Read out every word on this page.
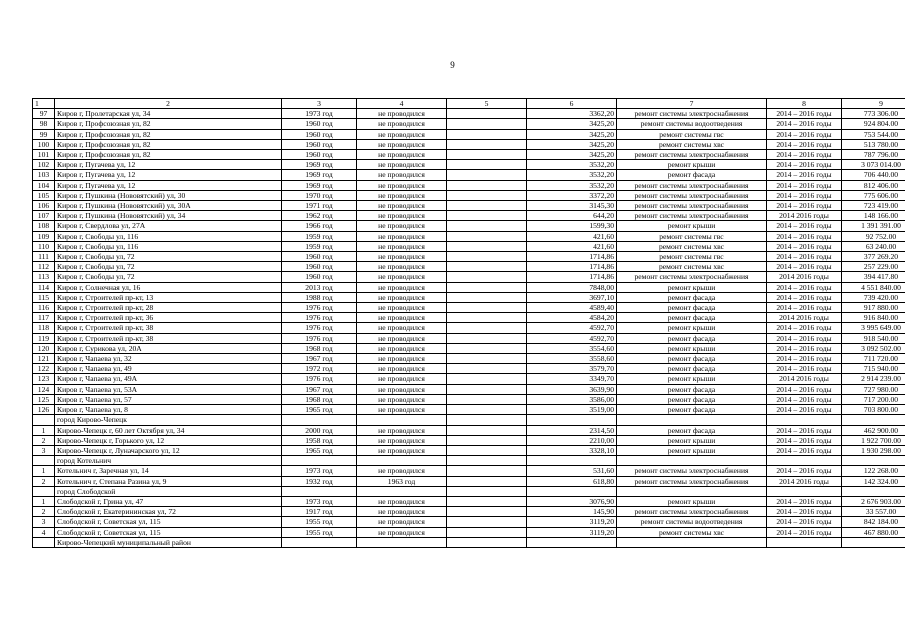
9
1	2	3	4	5	6	7	8	9
97	Киров г, Пролетарская ул, 34	1973 год	не проводился		3362,20	ремонт системы электроснабжения	2014 – 2016 годы	773 306.00
98	Киров г, Профсоюзная ул, 82	1960 год	не проводился		3425,20	ремонт системы водоотведения	2014 – 2016 годы	924 804.00
99	Киров г, Профсоюзная ул, 82	1960 год	не проводился		3425,20	ремонт системы гвс	2014 – 2016 годы	753 544.00
100	Киров г, Профсоюзная ул, 82	1960 год	не проводился		3425,20	ремонт системы хвс	2014 – 2016 годы	513 780.00
101	Киров г, Профсоюзная ул, 82	1960 год	не проводился		3425,20	ремонт системы электроснабжения	2014 – 2016 годы	787 796.00
102	Киров г, Пугачева ул, 12	1969 год	не проводился		3532,20	ремонт крыши	2014 – 2016 годы	3 073 014.00
103	Киров г, Пугачева ул, 12	1969 год	не проводился		3532,20	ремонт фасада	2014 – 2016 годы	706 440.00
104	Киров г, Пугачева ул, 12	1969 год	не проводился		3532,20	ремонт системы электроснабжения	2014 – 2016 годы	812 406.00
105	Киров г, Пушкина (Нововятский) ул, 30	1970 год	не проводился		3372,20	ремонт системы электроснабжения	2014 – 2016 годы	775 606.00
106	Киров г, Пушкина (Нововятский) ул, 30А	1971 год	не проводился		3145,30	ремонт системы электроснабжения	2014 – 2016 годы	723 419.00
107	Киров г, Пушкина (Нововятский) ул, 34	1962 год	не проводился		644,20	ремонт системы электроснабжения	2014 2016 годы	148 166.00
108	Киров г, Свердлова ул, 27А	1966 год	не проводился		1599,30	ремонт крыши	2014 – 2016 годы	1 391 391.00
109	Киров г, Свободы ул, 116	1959 год	не проводился		421,60	ремонт системы гвс	2014 – 2016 годы	92 752.00
110	Киров г, Свободы ул, 116	1959 год	не проводился		421,60	ремонт системы хвс	2014 – 2016 годы	63 240.00
111	Киров г, Свободы ул, 72	1960 год	не проводился		1714,86	ремонт системы гвс	2014 – 2016 годы	377 269.20
112	Киров г, Свободы ул, 72	1960 год	не проводился		1714,86	ремонт системы хвс	2014 – 2016 годы	257 229.00
113	Киров г, Свободы ул, 72	1960 год	не проводился		1714,86	ремонт системы электроснабжения	2014 2016 годы	394 417.80
114	Киров г, Солнечная ул, 16	2013 год	не проводился		7848,00	ремонт крыши	2014 – 2016 годы	4 551 840.00
115	Киров г, Строителей пр-кт, 13	1988 год	не проводился		3697,10	ремонт фасада	2014 – 2016 годы	739 420.00
116	Киров г, Строителей пр-кт, 28	1976 год	не проводился		4589,40	ремонт фасада	2014 – 2016 годы	917 880.00
117	Киров г, Строителей пр-кт, 36	1976 год	не проводился		4584,20	ремонт фасада	2014 2016 годы	916 840.00
118	Киров г, Строителей пр-кт, 38	1976 год	не проводился		4592,70	ремонт крыши	2014 – 2016 годы	3 995 649.00
119	Киров г, Строителей пр-кт, 38	1976 год	не проводился		4592,70	ремонт фасада	2014 – 2016 годы	918 540.00
120	Киров г, Сурикова ул, 20А	1968 год	не проводился		3554,60	ремонт крыши	2014 – 2016 годы	3 092 502.00
121	Киров г, Чапаева ул, 32	1967 год	не проводился		3558,60	ремонт фасада	2014 – 2016 годы	711 720.00
122	Киров г, Чапаева ул, 49	1972 год	не проводился		3579,70	ремонт фасада	2014 – 2016 годы	715 940.00
123	Киров г, Чапаева ул, 49А	1976 год	не проводился		3349,70	ремонт крыши	2014 2016 годы	2 914 239.00
124	Киров г, Чапаева ул, 53А	1967 год	не проводился		3639,90	ремонт фасада	2014 – 2016 годы	727 980.00
125	Киров г, Чапаева ул, 57	1968 год	не проводился		3586,00	ремонт фасада	2014 – 2016 годы	717 200.00
126	Киров г, Чапаева ул, 8	1965 год	не проводился		3519,00	ремонт фасада	2014 – 2016 годы	703 800.00
	город Кирово-Чепецк							
1	Кирово-Чепецк г, 60 лет Октября ул, 34	2000 год	не проводился		2314,50	ремонт фасада	2014 – 2016 годы	462 900.00
2	Кирово-Чепецк г, Горького ул, 12	1958 год	не проводился		2210,00	ремонт крыши	2014 – 2016 годы	1 922 700.00
3	Кирово-Чепецк г, Луначарского ул, 12	1965 год	не проводился		3328,10	ремонт крыши	2014 – 2016 годы	1 930 298.00
	город Котельнич							
1	Котельнич г, Заречная ул, 14	1973 год	не проводился		531,60	ремонт системы электроснабжения	2014 – 2016 годы	122 268.00
2	Котельнич г, Степана Разина ул, 9	1932 год	1963 год		618,80	ремонт системы электроснабжения	2014 2016 годы	142 324.00
	город Слободской							
1	Слободской г, Грина ул, 47	1973 год	не проводился		3076,90	ремонт крыши	2014 – 2016 годы	2 676 903.00
2	Слободской г, Екатерининская ул, 72	1917 год	не проводился		145,90	ремонт системы электроснабжения	2014 – 2016 годы	33 557.00
3	Слободской г, Советская ул, 115	1955 год	не проводился		3119,20	ремонт системы водоотведения	2014 – 2016 годы	842 184.00
4	Слободской г, Советская ул, 115	1955 год	не проводился		3119,20	ремонт системы хвс	2014 – 2016 годы	467 880.00
	Кирово-Чепецкий муниципальный район							
